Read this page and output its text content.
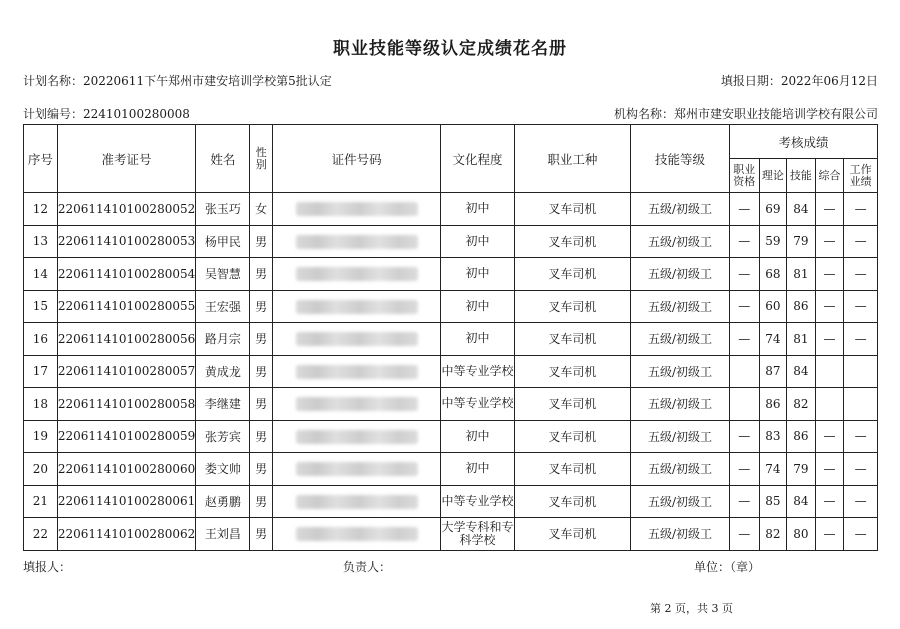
职业技能等级认定成绩花名册
计划名称：20220611下午郑州市建安培训学校第5批认定	填报日期：2022年06月12日
计划编号：22410100280008	机构名称：郑州市建安职业技能培训学校有限公司
序号	准考证号	姓名	性别	证件号码	文化程度	职业工种	技能等级	考核成绩				
								职业资格	理论	技能	综合	工作业绩
12	220611410100280052	张玉巧	女		初中	叉车司机	五级/初级工	—	69	84	—	—
13	220611410100280053	杨甲民	男		初中	叉车司机	五级/初级工	—	59	79	—	—
14	220611410100280054	吴智慧	男		初中	叉车司机	五级/初级工	—	68	81	—	—
15	220611410100280055	王宏强	男		初中	叉车司机	五级/初级工	—	60	86	—	—
16	220611410100280056	路月宗	男		初中	叉车司机	五级/初级工	—	74	81	—	—
17	220611410100280057	黄成龙	男		中等专业学校	叉车司机	五级/初级工		87	84		
18	220611410100280058	李继建	男		中等专业学校	叉车司机	五级/初级工		86	82		
19	220611410100280059	张芳宾	男		初中	叉车司机	五级/初级工	—	83	86	—	—
20	220611410100280060	娄文帅	男		初中	叉车司机	五级/初级工	—	74	79	—	—
21	220611410100280061	赵勇鹏	男		中等专业学校	叉车司机	五级/初级工	—	85	84	—	—
22	220611410100280062	王刘昌	男		大学专科和专科学校	叉车司机	五级/初级工	—	82	80	—	—
填报人：	负责人：	单位：（章）
第 2 页，共 3 页
